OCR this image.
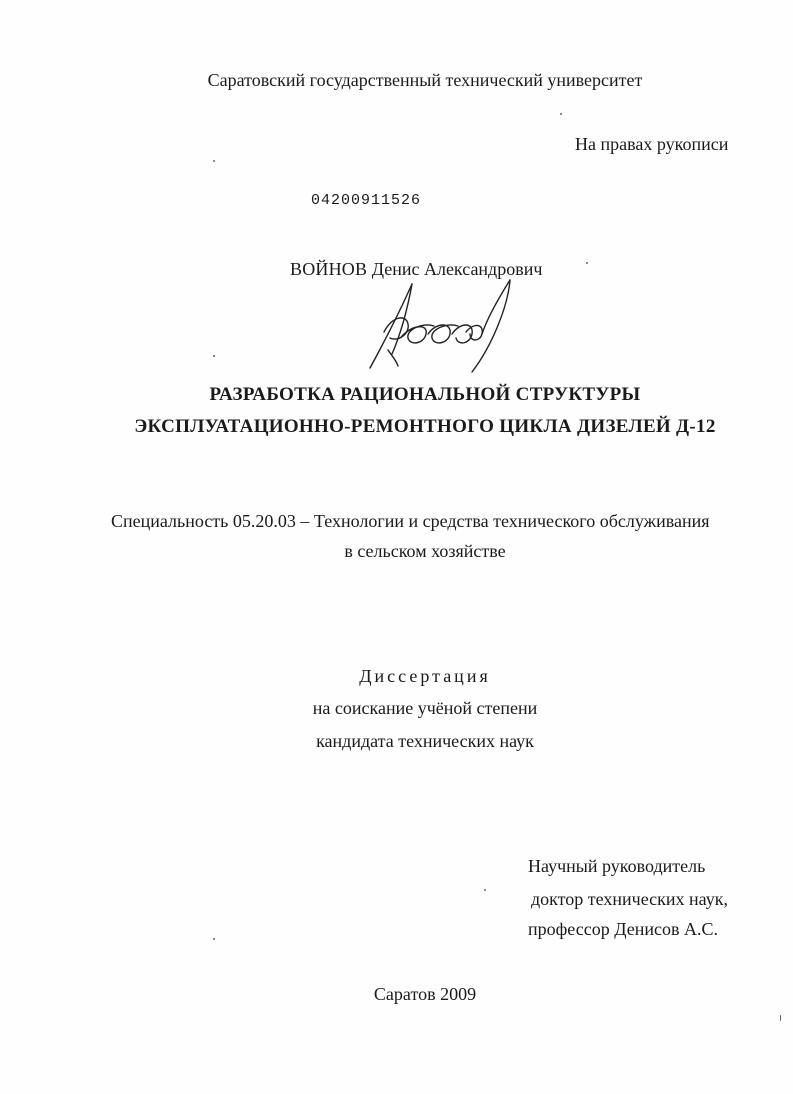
Саратовский государственный технический университет
На правах рукописи
04200911526
ВОЙНОВ Денис Александрович
РАЗРАБОТКА РАЦИОНАЛЬНОЙ СТРУКТУРЫ
ЭКСПЛУАТАЦИОННО-РЕМОНТНОГО ЦИКЛА ДИЗЕЛЕЙ Д-12
Специальность 05.20.03 – Технологии и средства технического обслуживания
в сельском хозяйстве
Диссертация
на соискание учёной степени
кандидата технических наук
Научный руководитель
доктор технических наук,
профессор Денисов А.С.
Саратов 2009
